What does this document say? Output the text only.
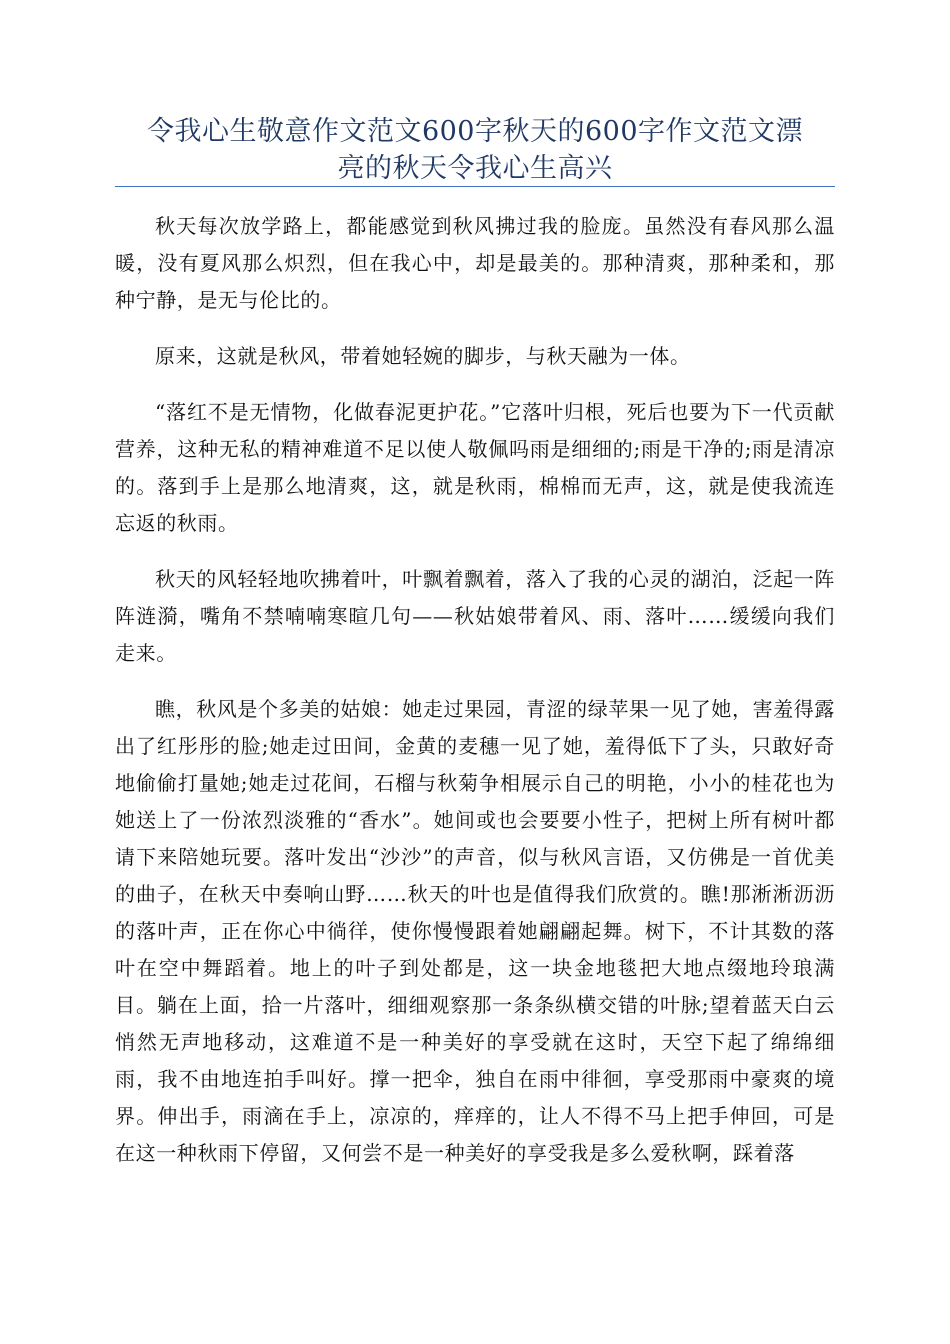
令我心生敬意作文范文600字秋天的600字作文范文漂
亮的秋天令我心生高兴

秋天每次放学路上，都能感觉到秋风拂过我的脸庞。虽然没有春风那么温暖，没有夏风那么炽烈，但在我心中，却是最美的。那种清爽，那种柔和，那种宁静，是无与伦比的。

原来，这就是秋风，带着她轻婉的脚步，与秋天融为一体。

“落红不是无情物，化做春泥更护花。”它落叶归根，死后也要为下一代贡献营养，这种无私的精神难道不足以使人敬佩吗雨是细细的;雨是干净的;雨是清凉的。落到手上是那么地清爽，这，就是秋雨，棉棉而无声，这，就是使我流连忘返的秋雨。

秋天的风轻轻地吹拂着叶，叶飘着飘着，落入了我的心灵的湖泊，泛起一阵阵涟漪，嘴角不禁喃喃寒暄几句——秋姑娘带着风、雨、落叶……缓缓向我们走来。

瞧，秋风是个多美的姑娘：她走过果园，青涩的绿苹果一见了她，害羞得露出了红彤彤的脸;她走过田间，金黄的麦穗一见了她，羞得低下了头，只敢好奇地偷偷打量她;她走过花间，石榴与秋菊争相展示自己的明艳，小小的桂花也为她送上了一份浓烈淡雅的“香水”。她间或也会要要小性子，把树上所有树叶都请下来陪她玩要。落叶发出“沙沙”的声音，似与秋风言语，又仿佛是一首优美的曲子，在秋天中奏响山野……秋天的叶也是值得我们欣赏的。瞧!那淅淅沥沥的落叶声，正在你心中徜徉，使你慢慢跟着她翩翩起舞。树下，不计其数的落叶在空中舞蹈着。地上的叶子到处都是，这一块金地毯把大地点缀地玲琅满目。躺在上面，拾一片落叶，细细观察那一条条纵横交错的叶脉;望着蓝天白云悄然无声地移动，这难道不是一种美好的享受就在这时，天空下起了绵绵细雨，我不由地连拍手叫好。撑一把伞，独自在雨中徘徊，享受那雨中豪爽的境界。伸出手，雨滴在手上，凉凉的，痒痒的，让人不得不马上把手伸回，可是在这一种秋雨下停留，又何尝不是一种美好的享受我是多么爱秋啊，踩着落
